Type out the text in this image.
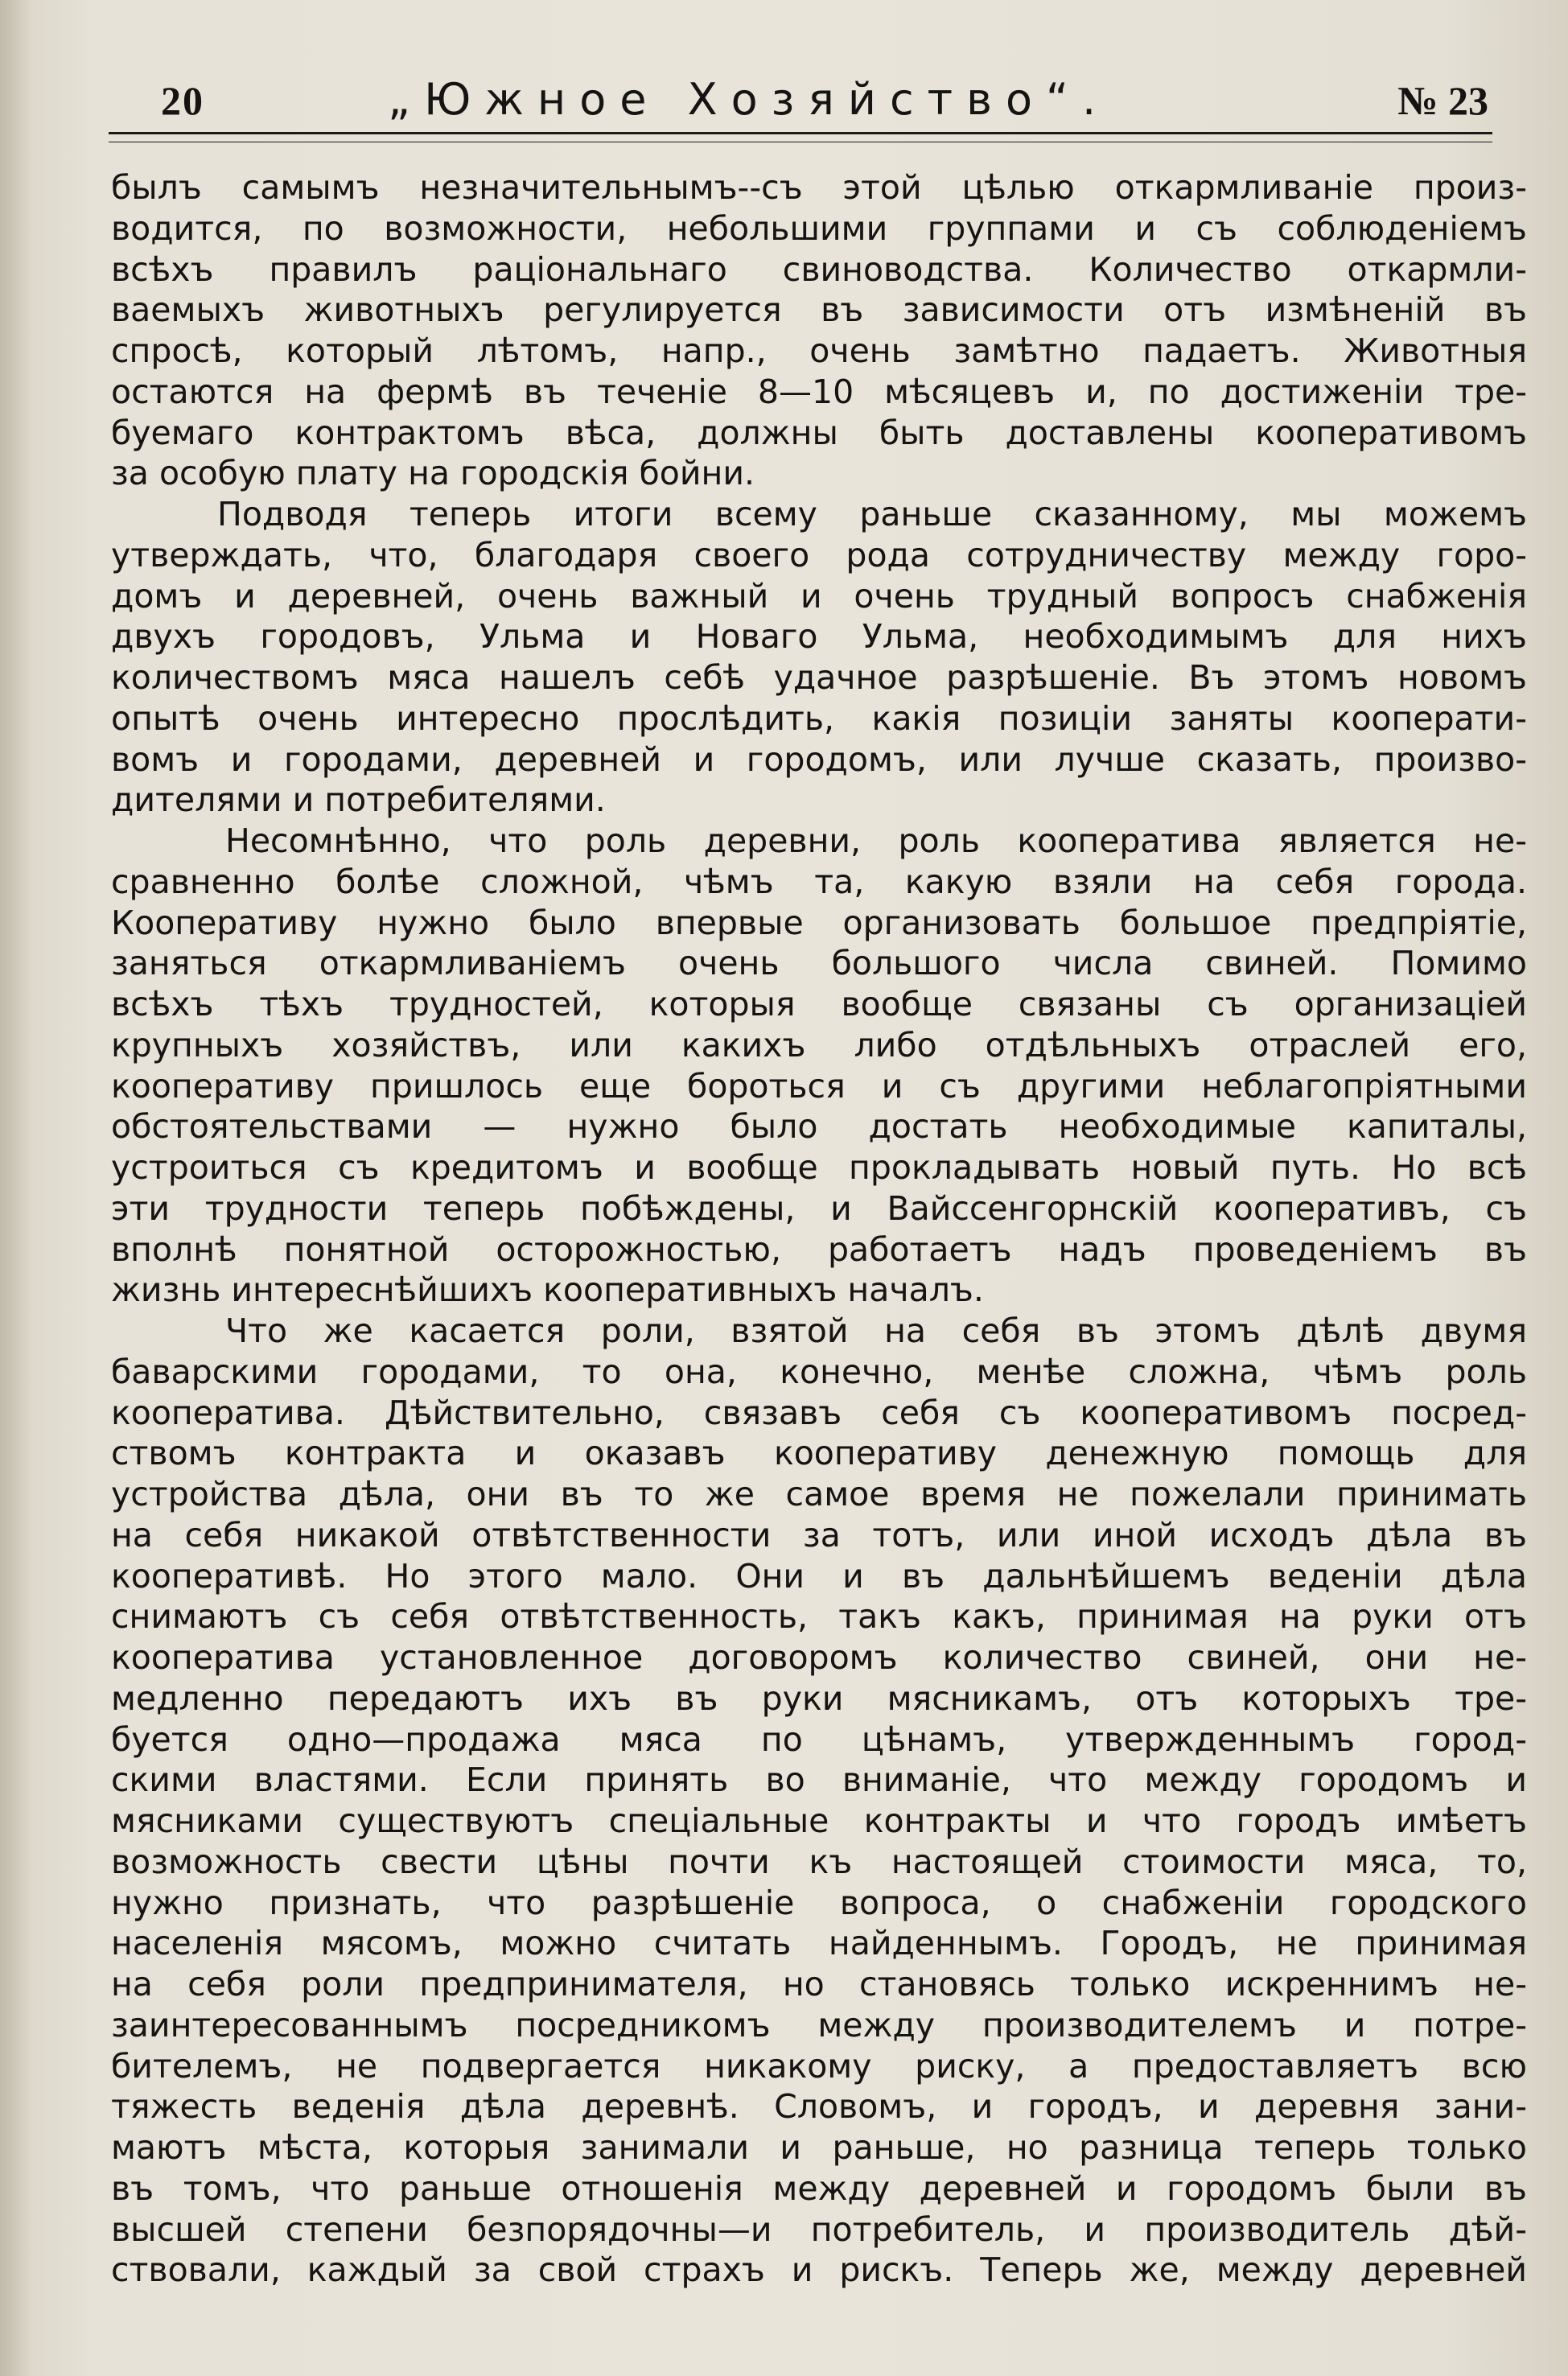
20	„Южное Хозяйство“.	№ 23
былъ самымъ незначительнымъ--съ этой цѣлью откармливаніе произ-
водится, по возможности, небольшими группами и съ соблюденіемъ
всѣхъ правилъ раціональнаго свиноводства. Количество откармли-
ваемыхъ животныхъ регулируется въ зависимости отъ измѣненій въ
спросѣ, который лѣтомъ, напр., очень замѣтно падаетъ. Животныя
остаются на фермѣ въ теченіе 8—10 мѣсяцевъ и, по достиженіи тре-
буемаго контрактомъ вѣса, должны быть доставлены кооперативомъ
за особую плату на городскія бойни.
Подводя теперь итоги всему раньше сказанному, мы можемъ
утверждать, что, благодаря своего рода сотрудничеству между горо-
домъ и деревней, очень важный и очень трудный вопросъ снабженія
двухъ городовъ, Ульма и Новаго Ульма, необходимымъ для нихъ
количествомъ мяса нашелъ себѣ удачное разрѣшеніе. Въ этомъ новомъ
опытѣ очень интересно прослѣдить, какія позиціи заняты кооперати-
вомъ и городами, деревней и городомъ, или лучше сказать, произво-
дителями и потребителями.
Несомнѣнно, что роль деревни, роль кооператива является не-
сравненно болѣе сложной, чѣмъ та, какую взяли на себя города.
Кооперативу нужно было впервые организовать большое предпріятіе,
заняться откармливаніемъ очень большого числа свиней. Помимо
всѣхъ тѣхъ трудностей, которыя вообще связаны съ организаціей
крупныхъ хозяйствъ, или какихъ либо отдѣльныхъ отраслей его,
кооперативу пришлось еще бороться и съ другими неблагопріятными
обстоятельствами — нужно было достать необходимые капиталы,
устроиться съ кредитомъ и вообще прокладывать новый путь. Но всѣ
эти трудности теперь побѣждены, и Вайссенгорнскій кооперативъ, съ
вполнѣ понятной осторожностью, работаетъ надъ проведеніемъ въ
жизнь интереснѣйшихъ кооперативныхъ началъ.
Что же касается роли, взятой на себя въ этомъ дѣлѣ двумя
баварскими городами, то она, конечно, менѣе сложна, чѣмъ роль
кооператива. Дѣйствительно, связавъ себя съ кооперативомъ посред-
ствомъ контракта и оказавъ кооперативу денежную помощь для
устройства дѣла, они въ то же самое время не пожелали принимать
на себя никакой отвѣтственности за тотъ, или иной исходъ дѣла въ
кооперативѣ. Но этого мало. Они и въ дальнѣйшемъ веденіи дѣла
снимаютъ съ себя отвѣтственность, такъ какъ, принимая на руки отъ
кооператива установленное договоромъ количество свиней, они не-
медленно передаютъ ихъ въ руки мясникамъ, отъ которыхъ тре-
буется одно—продажа мяса по цѣнамъ, утвержденнымъ город-
скими властями. Если принять во вниманіе, что между городомъ и
мясниками существуютъ спеціальные контракты и что городъ имѣетъ
возможность свести цѣны почти къ настоящей стоимости мяса, то,
нужно признать, что разрѣшеніе вопроса, о снабженіи городского
населенія мясомъ, можно считать найденнымъ. Городъ, не принимая
на себя роли предпринимателя, но становясь только искреннимъ не-
заинтересованнымъ посредникомъ между производителемъ и потре-
бителемъ, не подвергается никакому риску, а предоставляетъ всю
тяжесть веденія дѣла деревнѣ. Словомъ, и городъ, и деревня зани-
маютъ мѣста, которыя занимали и раньше, но разница теперь только
въ томъ, что раньше отношенія между деревней и городомъ были въ
высшей степени безпорядочны—и потребитель, и производитель дѣй-
ствовали, каждый за свой страхъ и рискъ. Теперь же, между деревней
